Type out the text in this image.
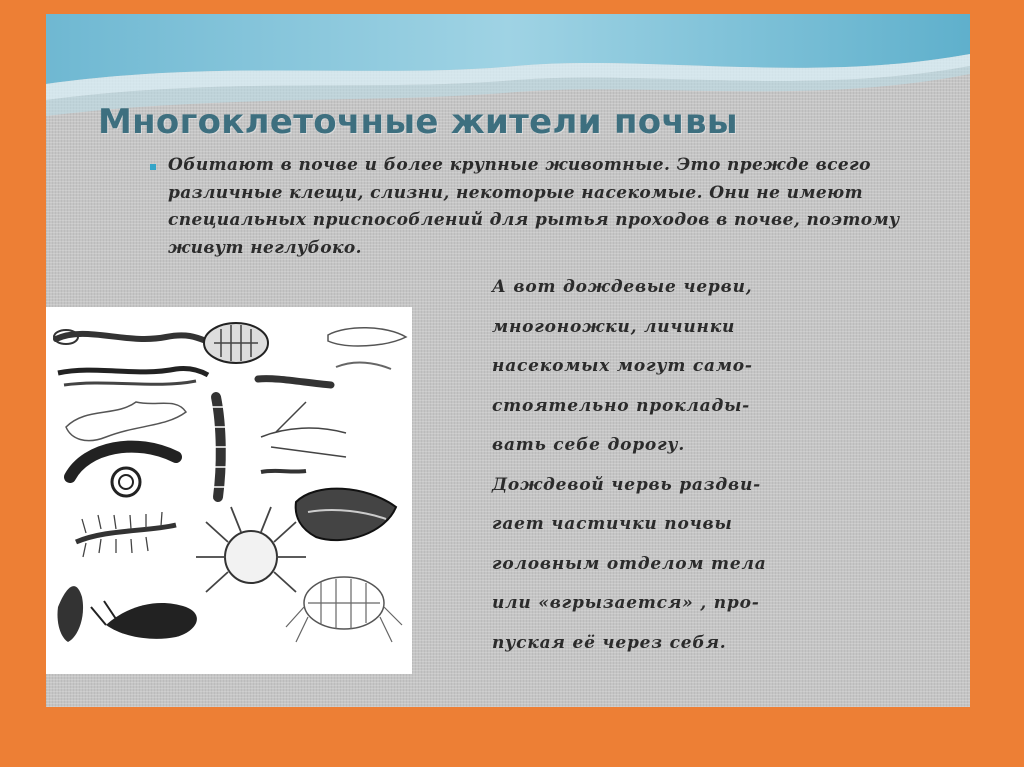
Многоклеточные жители почвы

Обитают в почве и более крупные животные. Это прежде всего различные клещи, слизни, некоторые насекомые. Они не имеют специальных приспособлений для рытья проходов в почве, поэтому живут неглубоко.

А вот дождевые черви,
многоножки, личинки
насекомых могут само-
стоятельно проклады-
вать себе дорогу.
Дождевой червь раздви-
гает частички почвы
головным отделом тела
или «вгрызается» , про-
пуская её через себя.
